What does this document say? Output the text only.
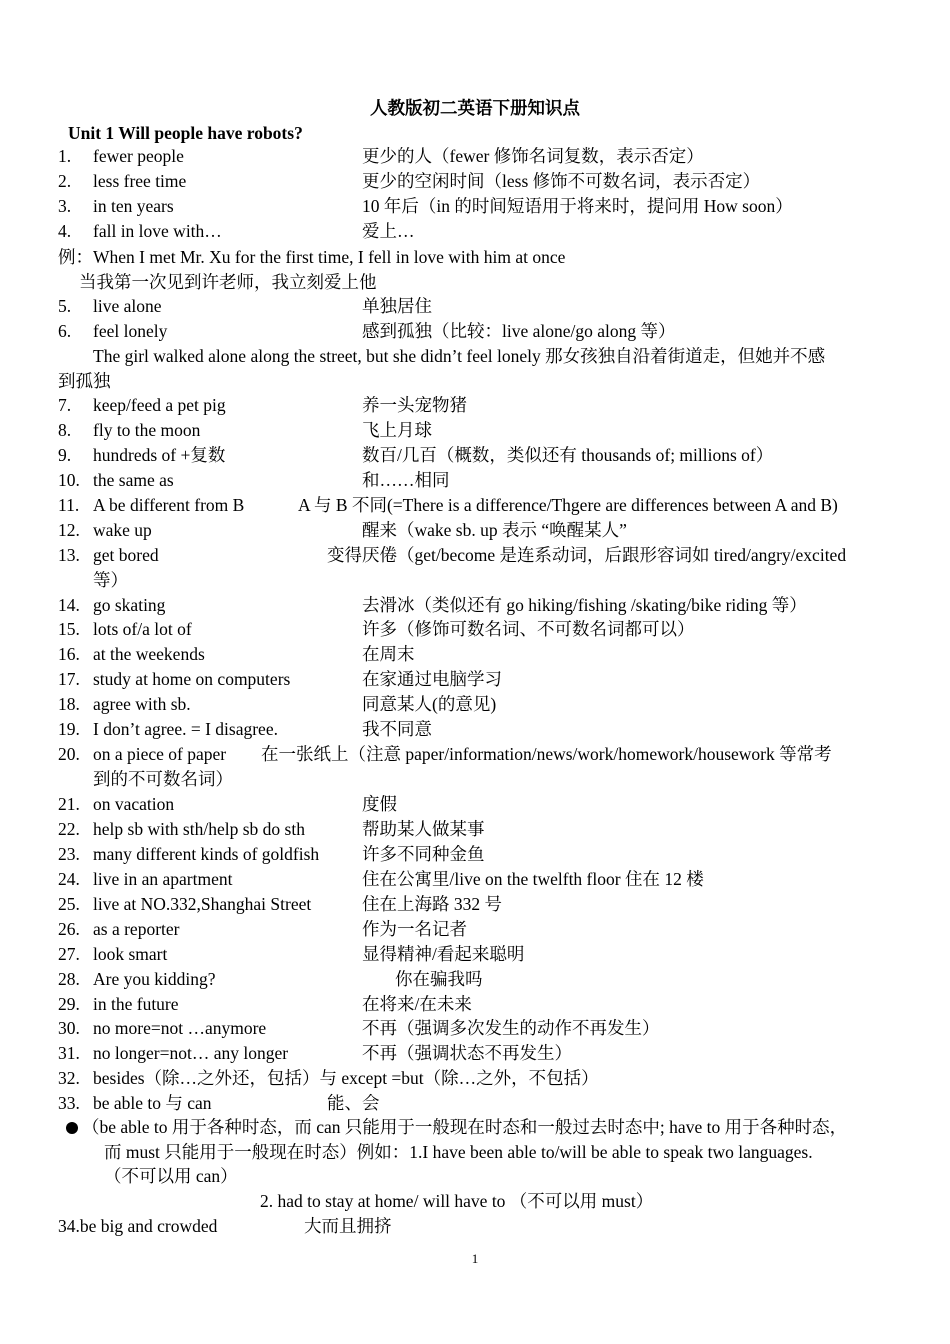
人教版初二英语下册知识点
Unit 1 Will people have robots?
1. fewer people	更少的人（fewer 修饰名词复数，表示否定）
2. less free time	更少的空闲时间（less 修饰不可数名词，表示否定）
3. in ten years	10 年后（in 的时间短语用于将来时，提问用 How soon）
4. fall in love with…	爱上…
5. live alone	单独居住
6. feel lonely	感到孤独（比较：live alone/go along 等）
7. keep/feed a pet pig	养一头宠物猪
8. fly to the moon	飞上月球
9. hundreds of +复数	数百/几百（概数，类似还有 thousands of; millions of）
10. the same as	和……相同
11. A be different from B	A 与 B 不同(=There is a difference/Thgere are differences between A and B)
12. wake up	醒来（wake sb. up 表示 “唤醒某人”
13. get bored	变得厌倦（get/become 是连系动词，后跟形容词如 tired/angry/excited
等）
14. go skating	去滑冰（类似还有 go hiking/fishing /skating/bike riding 等）
15. lots of/a lot of	许多（修饰可数名词、不可数名词都可以）
16. at the weekends	在周末
17. study at home on computers	在家通过电脑学习
18. agree with sb.	同意某人(的意见)
19. I don’t agree. = I disagree.	我不同意
20. on a piece of paper 在一张纸上（注意 paper/information/news/work/homework/housework 等常考
到的不可数名词）
21. on vacation	度假
22. help sb with sth/help sb do sth	帮助某人做某事
23. many different kinds of goldfish 许多不同种金鱼
24. live in an apartment	住在公寓里/live on the twelfth floor 住在 12 楼
25. live at NO.332,Shanghai Street	住在上海路 332 号
26. as a reporter	作为一名记者
27. look smart	显得精神/看起来聪明
28. Are you kidding?	你在骗我吗
29. in the future	在将来/在未来
30. no more=not …anymore	不再（强调多次发生的动作不再发生）
31. no longer=not… any longer	不再（强调状态不再发生）
32. besides（除…之外还，包括）与 except =but（除…之外，不包括）
33. be able to 与 can	能、会
例：When I met Mr. Xu for the first time, I fell in love with him at once
当我第一次见到许老师，我立刻爱上他
The girl walked alone along the street, but she didn’t feel lonely 那女孩独自沿着街道走，但她并不感
到孤独
（be able to 用于各种时态，而 can 只能用于一般现在时态和一般过去时态中; have to 用于各种时态，
而 must 只能用于一般现在时态）例如：1.I have been able to/will be able to speak two languages.
（不可以用 can）
2. had to stay at home/ will have to （不可以用 must）
34.be big and crowded	大而且拥挤
1
